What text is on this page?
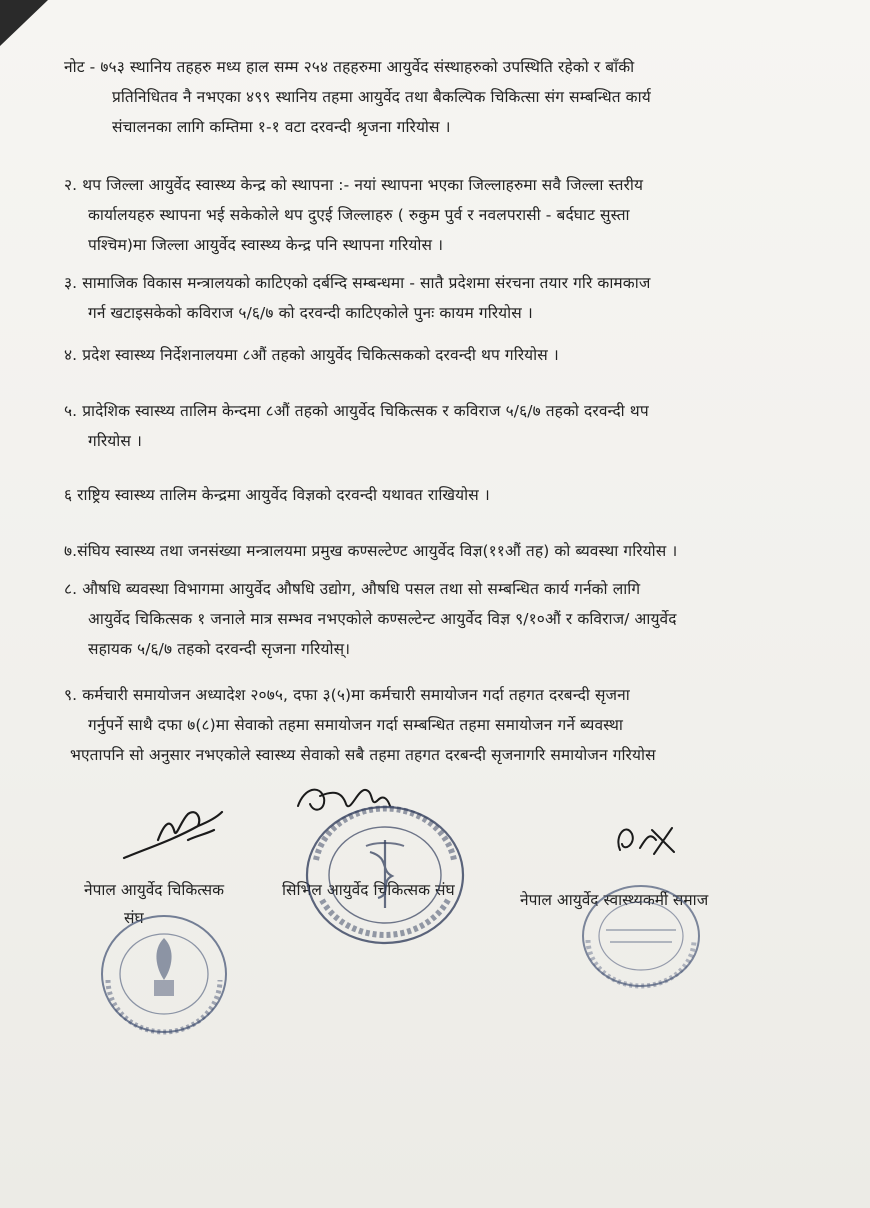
नोट - ७५३ स्थानिय तहहरु मध्य हाल सम्म २५४ तहहरुमा आयुर्वेद संस्थाहरुको उपस्थिति रहेको र बाँकी

प्रतिनिधितव नै नभएका ४९९ स्थानिय तहमा आयुर्वेद तथा बैकल्पिक चिकित्सा संग सम्बन्धित कार्य
संचालनका लागि कम्तिमा १-१ वटा दरवन्दी श्रृजना गरियोस ।
२. थप जिल्ला आयुर्वेद स्वास्थ्य केन्द्र को स्थापना :- नयां स्थापना भएका जिल्लाहरुमा सवै जिल्ला स्तरीय

कार्यालयहरु स्थापना भई सकेकोले थप दुएई जिल्लाहरु ( रुकुम पुर्व र नवलपरासी - बर्दघाट सुस्ता
पश्चिम)मा जिल्ला आयुर्वेद स्वास्थ्य केन्द्र पनि स्थापना गरियोस ।
३. सामाजिक विकास मन्त्रालयको काटिएको दर्बन्दि सम्बन्धमा - सातै प्रदेशमा संरचना तयार गरि कामकाज

गर्न खटाइसकेको कविराज ५/६/७ को दरवन्दी काटिएकोले पुनः कायम गरियोस ।
४. प्रदेश स्वास्थ्य निर्देशनालयमा ८औं तहको आयुर्वेद चिकित्सकको दरवन्दी थप गरियोस ।
५. प्रादेशिक स्वास्थ्य तालिम केन्दमा ८औं तहको आयुर्वेद चिकित्सक र कविराज ५/६/७ तहको दरवन्दी थप

गरियोस ।
६ राष्ट्रिय स्वास्थ्य तालिम केन्द्रमा आयुर्वेद विज्ञको दरवन्दी यथावत राखियोस ।
७.संघिय स्वास्थ्य तथा जनसंख्या मन्त्रालयमा प्रमुख कण्सल्टेण्ट आयुर्वेद विज्ञ(११औं तह) को ब्यवस्था गरियोस ।
८. औषधि ब्यवस्था विभागमा आयुर्वेद औषधि उद्योग, औषधि पसल तथा सो सम्बन्धित कार्य गर्नको लागि

आयुर्वेद चिकित्सक १ जनाले मात्र सम्भव नभएकोले कण्सल्टेन्ट आयुर्वेद विज्ञ ९/१०औं र कविराज/ आयुर्वेद
सहायक ५/६/७ तहको दरवन्दी सृजना गरियोस्।
९. कर्मचारी समायोजन अध्यादेश २०७५, दफा ३(५)मा कर्मचारी समायोजन गर्दा तहगत दरबन्दी सृजना

गर्नुपर्ने साथै दफा ७(८)मा सेवाको तहमा समायोजन गर्दा सम्बन्धित तहमा समायोजन गर्ने ब्यवस्था
भएतापनि सो अनुसार नभएकोले स्वास्थ्य सेवाको सबै तहमा तहगत दरबन्दी सृजनागरि समायोजन गरियोस
नेपाल आयुर्वेद चिकित्सक
संघ
सिभिल आयुर्वेद चिकित्सक संघ
नेपाल आयुर्वेद स्वास्थ्यकर्मी समाज
